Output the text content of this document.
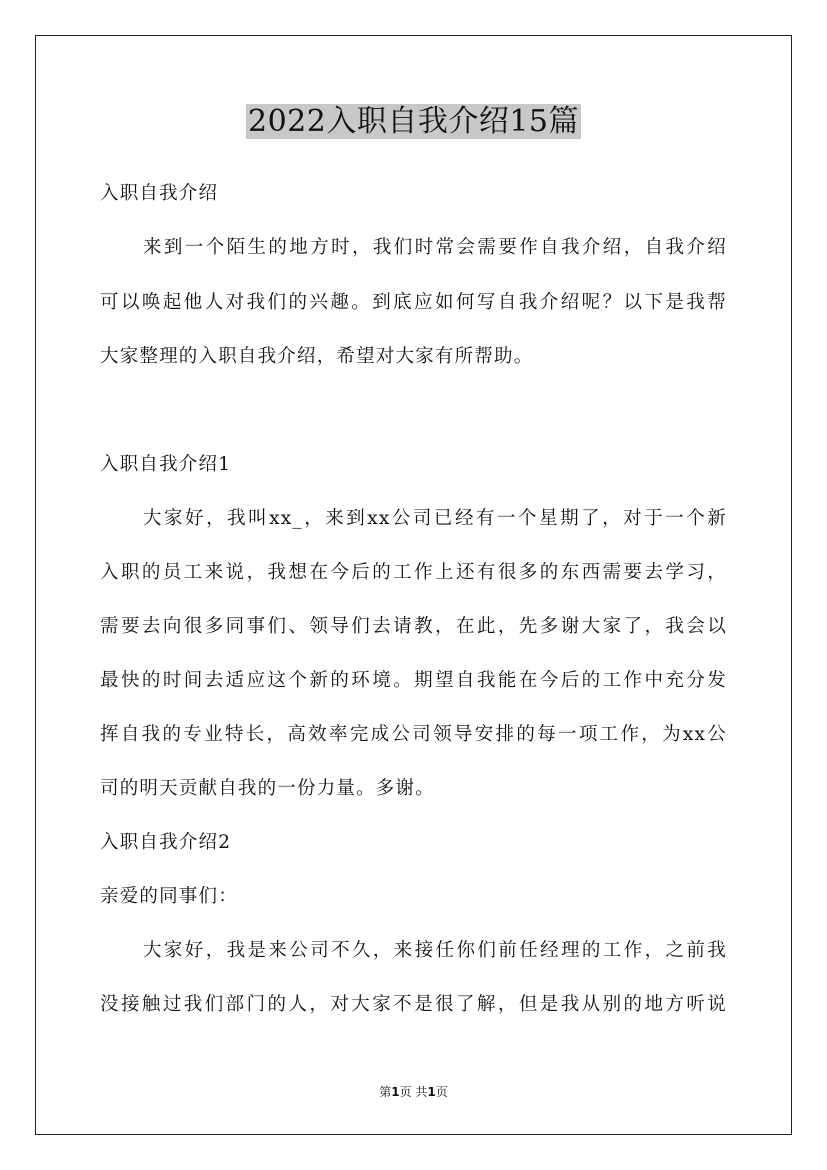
2022入职自我介绍15篇
入职自我介绍
来到一个陌生的地方时，我们时常会需要作自我介绍，自我介绍
可以唤起他人对我们的兴趣。到底应如何写自我介绍呢？以下是我帮
大家整理的入职自我介绍，希望对大家有所帮助。
入职自我介绍1
大家好，我叫xx_，来到xx公司已经有一个星期了，对于一个新
入职的员工来说，我想在今后的工作上还有很多的东西需要去学习，
需要去向很多同事们、领导们去请教，在此，先多谢大家了，我会以
最快的时间去适应这个新的环境。期望自我能在今后的工作中充分发
挥自我的专业特长，高效率完成公司领导安排的每一项工作，为xx公
司的明天贡献自我的一份力量。多谢。
入职自我介绍2
亲爱的同事们：
大家好，我是来公司不久，来接任你们前任经理的工作，之前我
没接触过我们部门的人，对大家不是很了解，但是我从别的地方听说
第1页 共1页
